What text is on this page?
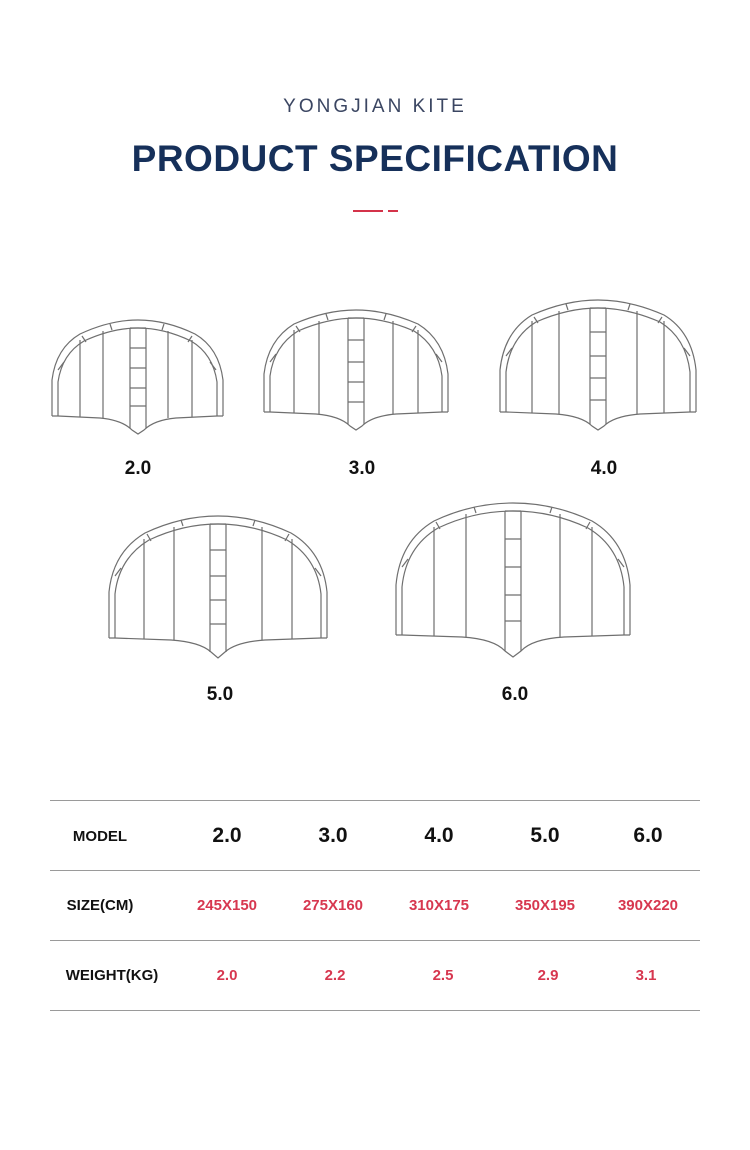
YONGJIAN KITE
PRODUCT SPECIFICATION
2.0	3.0	4.0
5.0	6.0
MODEL	2.0	3.0	4.0	5.0	6.0
SIZE(CM)	245X150	275X160	310X175	350X195	390X220
WEIGHT(KG)	2.0	2.2	2.5	2.9	3.1
